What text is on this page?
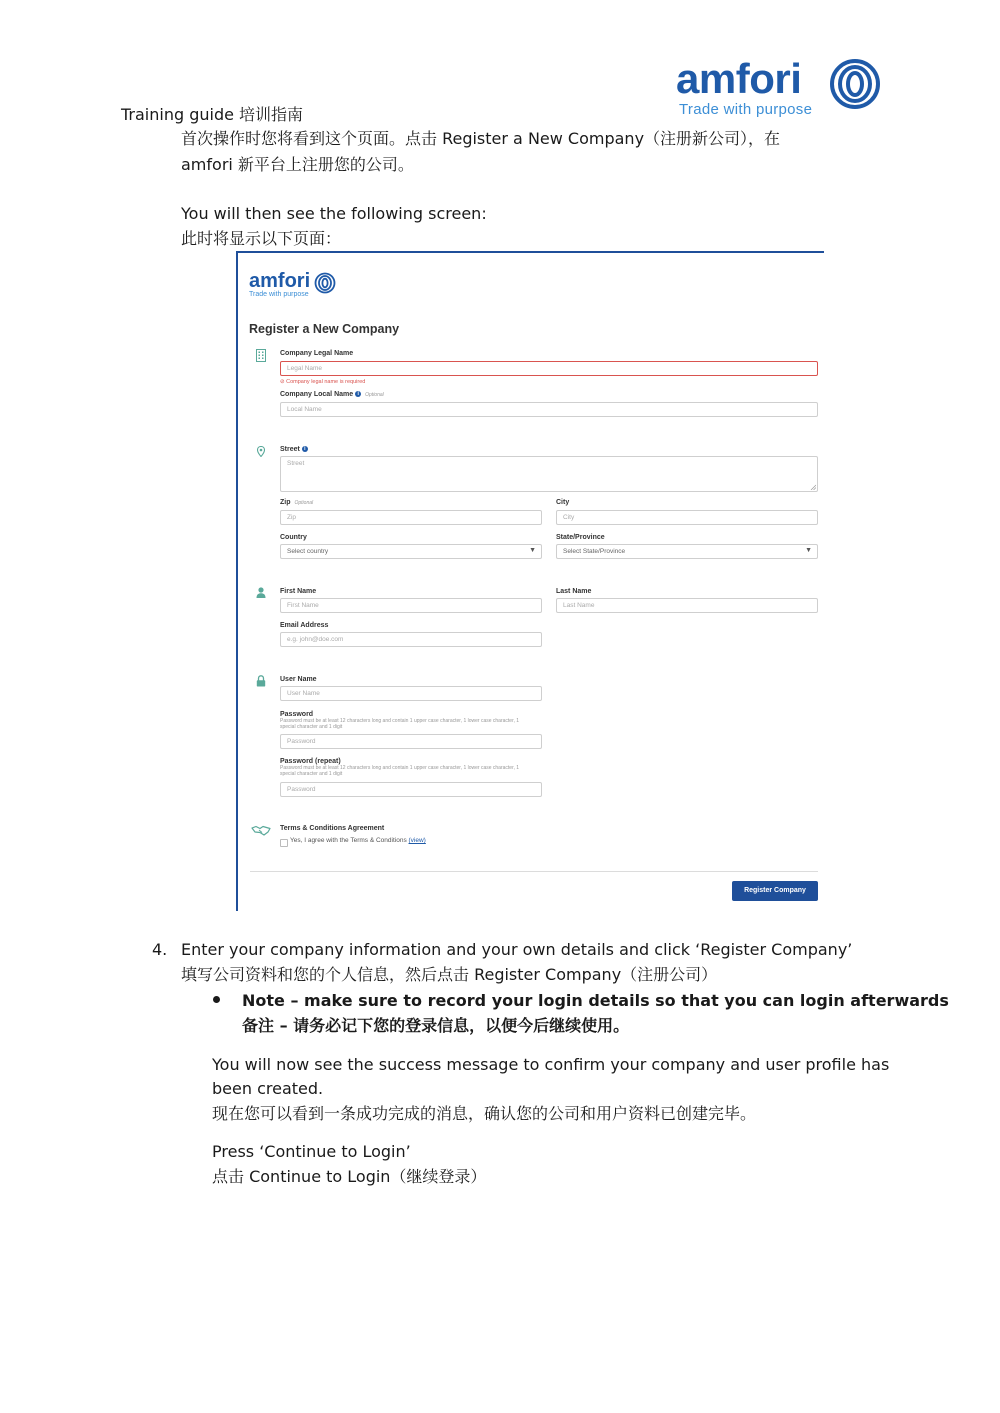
Training guide 培训指南
amfori
Trade with purpose
首次操作时您将看到这个页面。点击 Register a New Company（注册新公司），在
amfori 新平台上注册您的公司。
You will then see the following screen:
此时将显示以下页面：
amfori
Trade with purpose
Register a New Company
Company Legal Name
Legal Name
⊘ Company legal name is required
Company Local Name i Optional
Local Name
Street i
Street
Zip Optional
Zip
City
City
Country
Select country	▼
State/Province
Select State/Province	▼
First Name
First Name
Last Name
Last Name
Email Address
e.g. john@doe.com
User Name
User Name
Password
Password must be at least 12 characters long and contain 1 upper case character, 1 lower case character, 1 special character and 1 digit
Password
Password (repeat)
Password must be at least 12 characters long and contain 1 upper case character, 1 lower case character, 1 special character and 1 digit
Password
Terms & Conditions Agreement
Yes, I agree with the Terms & Conditions (view)
Register Company
4. Enter your company information and your own details and click ‘Register Company’
填写公司资料和您的个人信息，然后点击 Register Company（注册公司）
Note – make sure to record your login details so that you can login afterwards
备注 – 请务必记下您的登录信息，以便今后继续使用。
You will now see the success message to confirm your company and user profile has
been created.
现在您可以看到一条成功完成的消息，确认您的公司和用户资料已创建完毕。
Press ‘Continue to Login’
点击 Continue to Login（继续登录）
